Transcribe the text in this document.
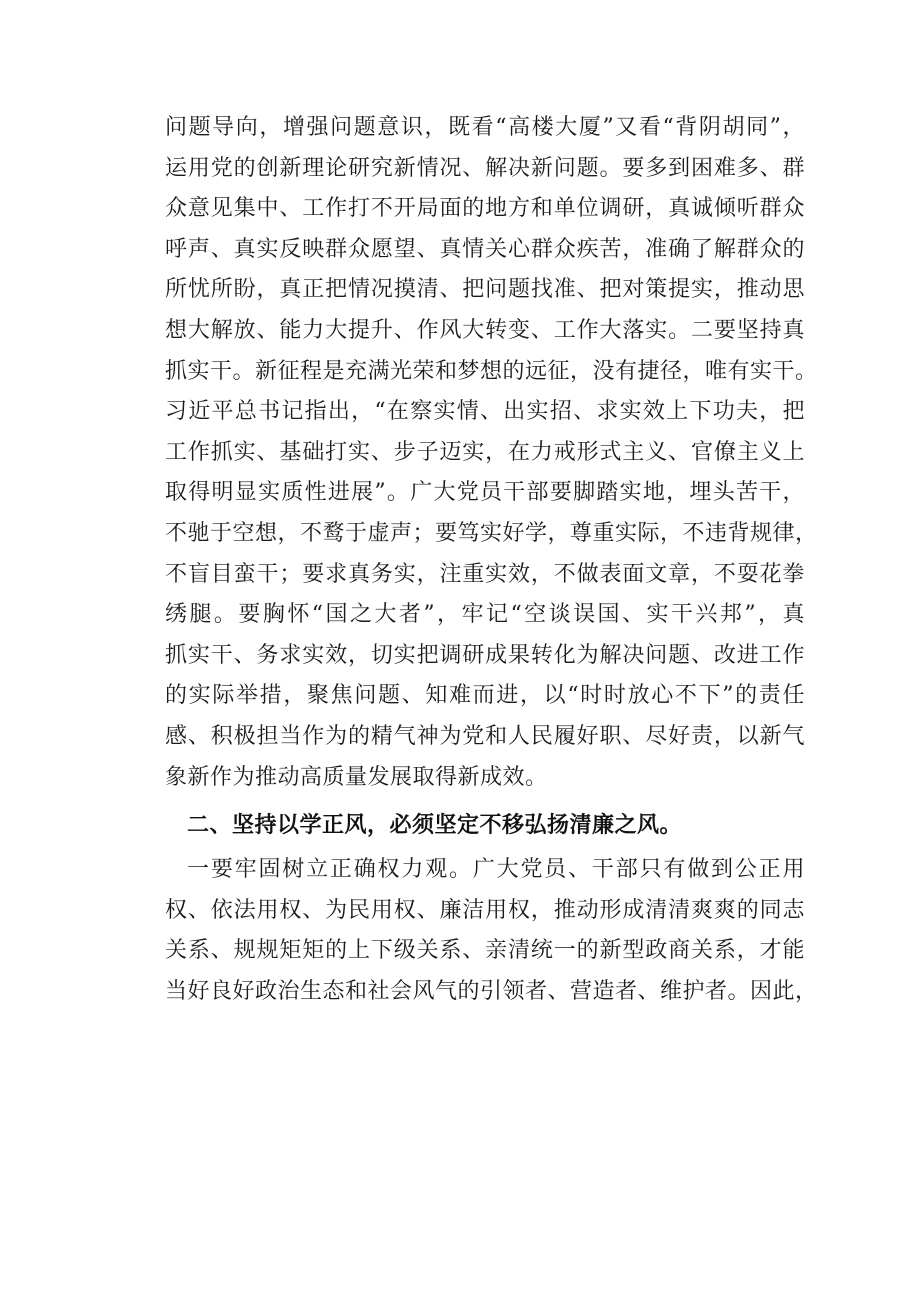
问题导向，增强问题意识，既看“高楼大厦”又看“背阴胡同”，
运用党的创新理论研究新情况、解决新问题。要多到困难多、群
众意见集中、工作打不开局面的地方和单位调研，真诚倾听群众
呼声、真实反映群众愿望、真情关心群众疾苦，准确了解群众的
所忧所盼，真正把情况摸清、把问题找准、把对策提实，推动思
想大解放、能力大提升、作风大转变、工作大落实。二要坚持真
抓实干。新征程是充满光荣和梦想的远征，没有捷径，唯有实干。
习近平总书记指出，“在察实情、出实招、求实效上下功夫，把
工作抓实、基础打实、步子迈实，在力戒形式主义、官僚主义上
取得明显实质性进展”。广大党员干部要脚踏实地，埋头苦干，
不驰于空想，不鹜于虚声；要笃实好学，尊重实际，不违背规律，
不盲目蛮干；要求真务实，注重实效，不做表面文章，不耍花拳
绣腿。要胸怀“国之大者”，牢记“空谈误国、实干兴邦”，真
抓实干、务求实效，切实把调研成果转化为解决问题、改进工作
的实际举措，聚焦问题、知难而进，以“时时放心不下”的责任
感、积极担当作为的精气神为党和人民履好职、尽好责，以新气
象新作为推动高质量发展取得新成效。
二、坚持以学正风，必须坚定不移弘扬清廉之风。
一要牢固树立正确权力观。广大党员、干部只有做到公正用
权、依法用权、为民用权、廉洁用权，推动形成清清爽爽的同志
关系、规规矩矩的上下级关系、亲清统一的新型政商关系，才能
当好良好政治生态和社会风气的引领者、营造者、维护者。因此，
